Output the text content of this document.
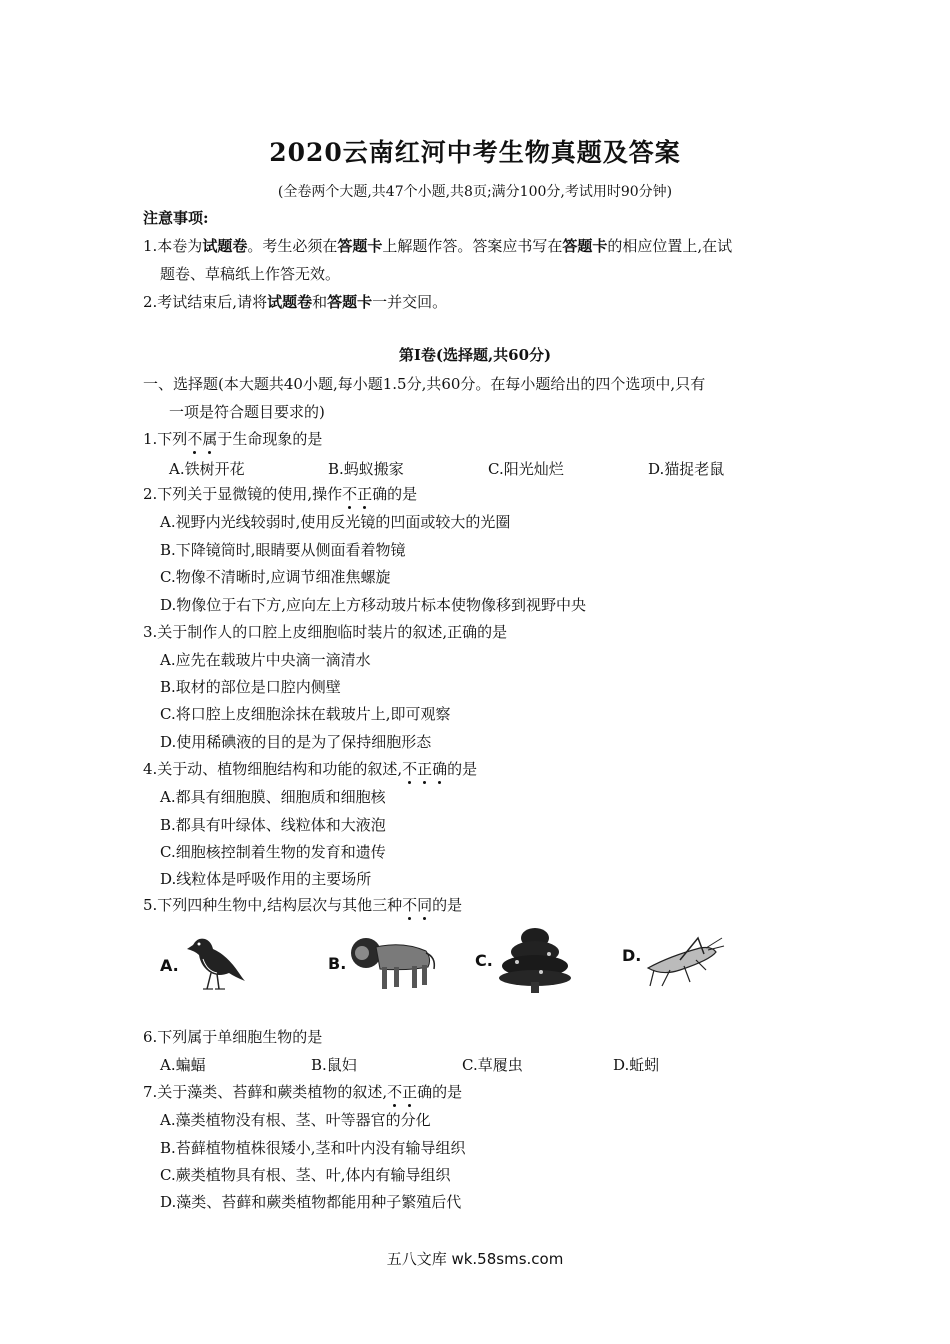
2020云南红河中考生物真题及答案
(全卷两个大题,共47个小题,共8页;满分100分,考试用时90分钟)
注意事项:
1.本卷为试题卷。考生必须在答题卡上解题作答。答案应书写在答题卡的相应位置上,在试
题卷、草稿纸上作答无效。
2.考试结束后,请将试题卷和答题卡一并交回。
第Ⅰ卷(选择题,共60分)
一、选择题(本大题共40小题,每小题1.5分,共60分。在每小题给出的四个选项中,只有
一项是符合题目要求的)
1.下列不属于生命现象的是
A.铁树开花	B.蚂蚁搬家	C.阳光灿烂	D.猫捉老鼠
2.下列关于显微镜的使用,操作不正确的是
A.视野内光线较弱时,使用反光镜的凹面或较大的光圈
B.下降镜筒时,眼睛要从侧面看着物镜
C.物像不清晰时,应调节细准焦螺旋
D.物像位于右下方,应向左上方移动玻片标本使物像移到视野中央
3.关于制作人的口腔上皮细胞临时装片的叙述,正确的是
A.应先在载玻片中央滴一滴清水
B.取材的部位是口腔内侧壁
C.将口腔上皮细胞涂抹在载玻片上,即可观察
D.使用稀碘液的目的是为了保持细胞形态
4.关于动、植物细胞结构和功能的叙述,不正确的是
A.都具有细胞膜、细胞质和细胞核
B.都具有叶绿体、线粒体和大液泡
C.细胞核控制着生物的发育和遗传
D.线粒体是呼吸作用的主要场所
5.下列四种生物中,结构层次与其他三种不同的是
A.	B.	C.	D.
6.下列属于单细胞生物的是
A.蝙蝠	B.鼠妇	C.草履虫	D.蚯蚓
7.关于藻类、苔藓和蕨类植物的叙述,不正确的是
A.藻类植物没有根、茎、叶等器官的分化
B.苔藓植物植株很矮小,茎和叶内没有输导组织
C.蕨类植物具有根、茎、叶,体内有输导组织
D.藻类、苔藓和蕨类植物都能用种子繁殖后代
五八文库 wk.58sms.com
